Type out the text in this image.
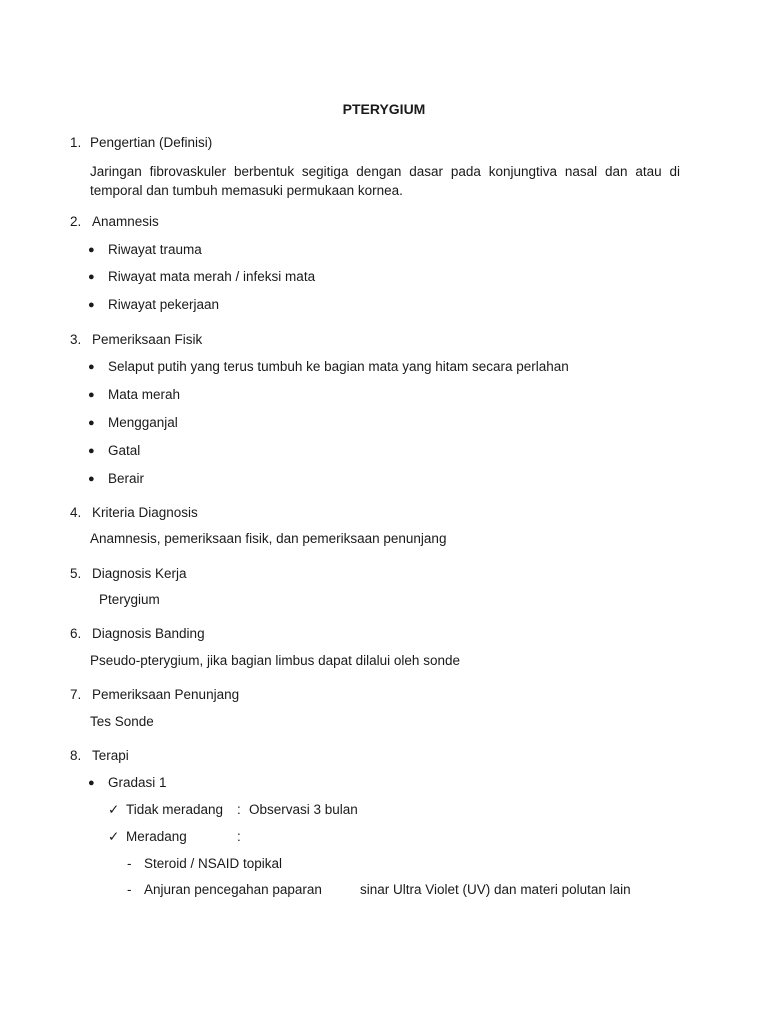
PTERYGIUM
1. Pengertian (Definisi)
Jaringan fibrovaskuler berbentuk segitiga dengan dasar pada konjungtiva nasal dan atau di temporal dan tumbuh memasuki permukaan kornea.
2. Anamnesis
● Riwayat trauma
● Riwayat mata merah / infeksi mata
● Riwayat pekerjaan
3. Pemeriksaan Fisik
● Selaput putih yang terus tumbuh ke bagian mata yang hitam secara perlahan
● Mata merah
● Mengganjal
● Gatal
● Berair
4. Kriteria Diagnosis
Anamnesis, pemeriksaan fisik, dan pemeriksaan penunjang
5. Diagnosis Kerja
Pterygium
6. Diagnosis Banding
Pseudo-pterygium, jika bagian limbus dapat dilalui oleh sonde
7. Pemeriksaan Penunjang
Tes Sonde
8. Terapi
● Gradasi 1
✓ Tidak meradang : Observasi 3 bulan
✓ Meradang	:
- Steroid / NSAID topikal
- Anjuran pencegahan paparan	sinar Ultra Violet (UV) dan materi polutan lain
